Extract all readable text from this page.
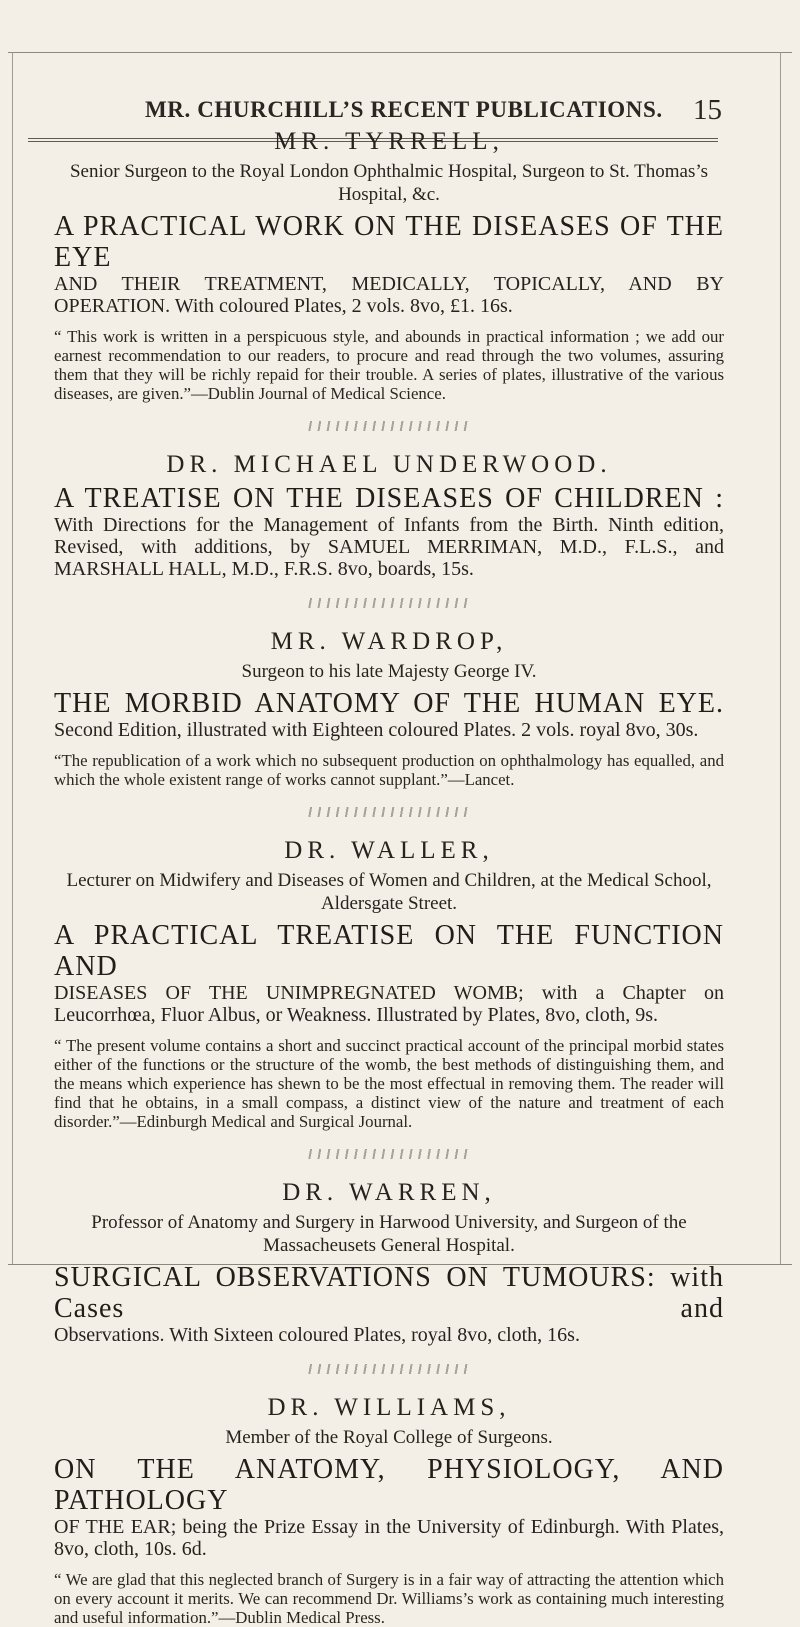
MR. CHURCHILL’S RECENT PUBLICATIONS. 15

MR. TYRRELL,

Senior Surgeon to the Royal London Ophthalmic Hospital, Surgeon to St. Thomas’s Hospital, &c.

A PRACTICAL WORK ON THE DISEASES OF THE EYE

AND THEIR TREATMENT, MEDICALLY, TOPICALLY, AND BY OPERATION. With coloured Plates, 2 vols. 8vo, £1. 16s.

“ This work is written in a perspicuous style, and abounds in practical information ; we add our earnest recommendation to our readers, to procure and read through the two volumes, assuring them that they will be richly repaid for their trouble. A series of plates, illustrative of the various diseases, are given.”—Dublin Journal of Medical Science.

DR. MICHAEL UNDERWOOD.

A TREATISE ON THE DISEASES OF CHILDREN :

With Directions for the Management of Infants from the Birth. Ninth edition, Revised, with additions, by SAMUEL MERRIMAN, M.D., F.L.S., and MARSHALL HALL, M.D., F.R.S. 8vo, boards, 15s.

MR. WARDROP,

Surgeon to his late Majesty George IV.

THE MORBID ANATOMY OF THE HUMAN EYE.

Second Edition, illustrated with Eighteen coloured Plates. 2 vols. royal 8vo, 30s.

“The republication of a work which no subsequent production on ophthalmology has equalled, and which the whole existent range of works cannot supplant.”—Lancet.

DR. WALLER,

Lecturer on Midwifery and Diseases of Women and Children, at the Medical School, Aldersgate Street.

A PRACTICAL TREATISE ON THE FUNCTION AND

DISEASES OF THE UNIMPREGNATED WOMB; with a Chapter on Leucorrhœa, Fluor Albus, or Weakness. Illustrated by Plates, 8vo, cloth, 9s.

“ The present volume contains a short and succinct practical account of the principal morbid states either of the functions or the structure of the womb, the best methods of distinguishing them, and the means which experience has shewn to be the most effectual in removing them. The reader will find that he obtains, in a small compass, a distinct view of the nature and treatment of each disorder.”—Edinburgh Medical and Surgical Journal.

DR. WARREN,

Professor of Anatomy and Surgery in Harwood University, and Surgeon of the Massacheusets General Hospital.

SURGICAL OBSERVATIONS ON TUMOURS: with Cases and

Observations. With Sixteen coloured Plates, royal 8vo, cloth, 16s.

DR. WILLIAMS,

Member of the Royal College of Surgeons.

ON THE ANATOMY, PHYSIOLOGY, AND PATHOLOGY

OF THE EAR; being the Prize Essay in the University of Edinburgh. With Plates, 8vo, cloth, 10s. 6d.

“ We are glad that this neglected branch of Surgery is in a fair way of attracting the attention which on every account it merits. We can recommend Dr. Williams’s work as containing much interesting and useful information.”—Dublin Medical Press.
